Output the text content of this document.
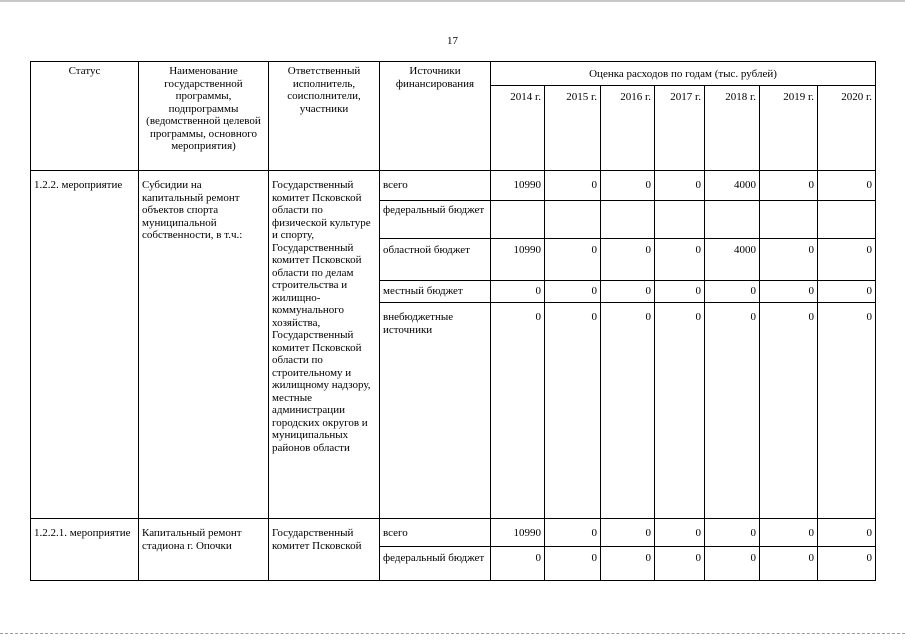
17
Статус	Наименование государственной программы, подпрограммы (ведомственной целевой программы, основного мероприятия)	Ответственный исполнитель, соисполнители, участники	Источники финансирования	Оценка расходов по годам (тыс. рублей)						
				2014 г.	2015 г.	2016 г.	2017 г.	2018 г.	2019 г.	2020 г.
1.2.2. мероприятие	Субсидии на капитальный ремонт объектов спорта муниципальной собственности, в т.ч.:	Государственный комитет Псковской области по физической культуре и спорту, Государственный комитет Псковской области по делам строительства и жилищно-коммунального хозяйства, Государственный комитет Псковской области по строительному и жилищному надзору, местные администрации городских округов и муниципальных районов области	всего	10990	0	0	0	4000	0	0
			федеральный бюджет							
			областной бюджет	10990	0	0	0	4000	0	0
			местный бюджет	0	0	0	0	0	0	0
			внебюджетные источники	0	0	0	0	0	0	0
1.2.2.1. мероприятие	Капитальный ремонт стадиона г. Опочки	Государственный комитет Псковской	всего	10990	0	0	0	0	0	0
			федеральный бюджет	0	0	0	0	0	0	0
